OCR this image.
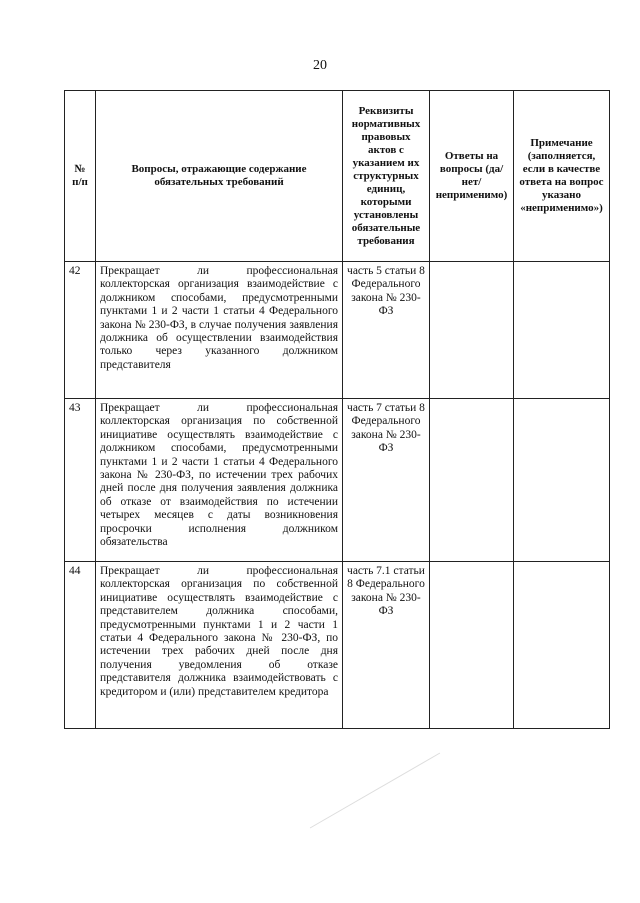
20
№ п/п	Вопросы, отражающие содержание обязательных требований	Реквизиты нормативных правовых актов с указанием их структурных единиц, которыми установлены обязательные требования	Ответы на вопросы (да/нет/ неприменимо)	Примечание (заполняется, если в качестве ответа на вопрос указано «неприменимо»)
42	Прекращает ли профессиональная коллекторская организация взаимодействие с должником способами, предусмотренными пунктами 1 и 2 части 1 статьи 4 Федерального закона № 230-ФЗ, в случае получения заявления должника об осуществлении взаимодействия только через указанного должником представителя	часть 5 статьи 8 Федерального закона № 230-ФЗ		
43	Прекращает ли профессиональная коллекторская организация по собственной инициативе осуществлять взаимодействие с должником способами, предусмотренными пунктами 1 и 2 части 1 статьи 4 Федерального закона № 230-ФЗ, по истечении трех рабочих дней после дня получения заявления должника об отказе от взаимодействия по истечении четырех месяцев с даты возникновения просрочки исполнения должником обязательства	часть 7 статьи 8 Федерального закона № 230-ФЗ		
44	Прекращает ли профессиональная коллекторская организация по собственной инициативе осуществлять взаимодействие с представителем должника способами, предусмотренными пунктами 1 и 2 части 1 статьи 4 Федерального закона № 230-ФЗ, по истечении трех рабочих дней после дня получения уведомления об отказе представителя должника взаимодействовать с кредитором и (или) представителем кредитора	часть 7.1 статьи 8 Федерального закона № 230-ФЗ		
